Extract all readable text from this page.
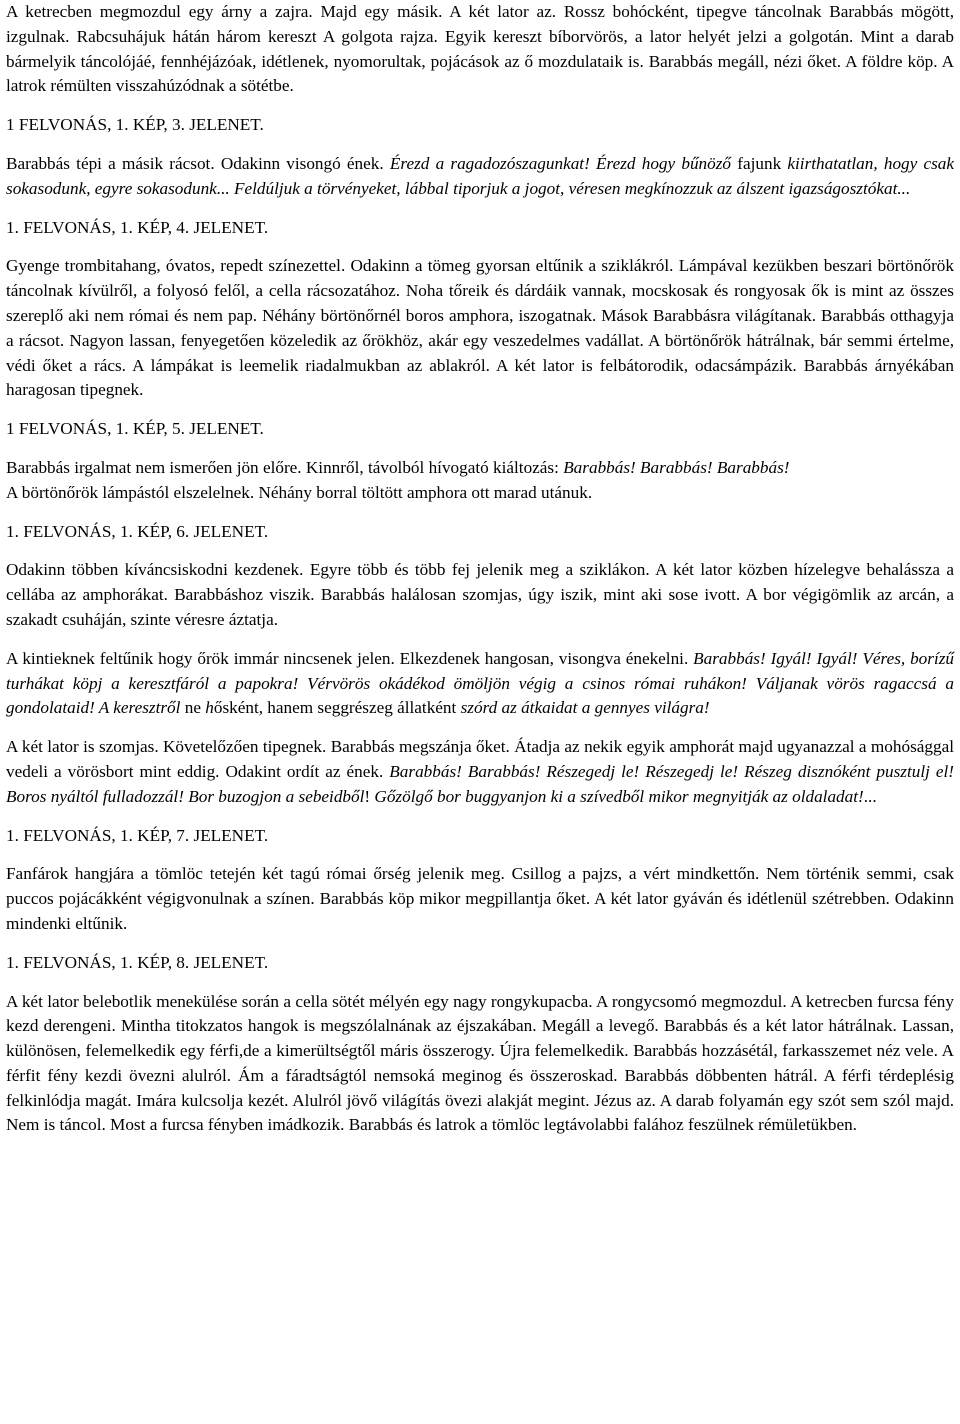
A ketrecben megmozdul egy árny a zajra. Majd egy másik. A két lator az. Rossz bohócként, tipegve táncolnak Barabbás mögött, izgulnak. Rabcsuhájuk hátán három kereszt A golgota rajza. Egyik kereszt bíborvörös, a lator helyét jelzi a golgotán. Mint a darab bármelyik táncolójáé, fennhéjázóak, idétlenek, nyomorultak, pojácások az ő mozdulataik is. Barabbás megáll, nézi őket. A földre köp. A latrok rémülten visszahúzódnak a sötétbe.

1 FELVONÁS, 1. KÉP, 3. JELENET.

Barabbás tépi a másik rácsot. Odakinn visongó ének. Érezd a ragadozószagunkat! Érezd hogy bűnöző fajunk kiirthatatlan, hogy csak sokasodunk, egyre sokasodunk... Feldúljuk a törvényeket, lábbal tiporjuk a jogot, véresen megkínozzuk az álszent igazságosztókat...

1. FELVONÁS, 1. KÉP, 4. JELENET.

Gyenge trombitahang, óvatos, repedt színezettel. Odakinn a tömeg gyorsan eltűnik a sziklákról. Lámpával kezükben beszari börtönőrök táncolnak kívülről, a folyosó felől, a cella rácsozatához. Noha tőreik és dárdáik vannak, mocskosak és rongyosak ők is mint az összes szereplő aki nem római és nem pap. Néhány börtönőrnél boros amphora, iszogatnak. Mások Barabbásra világítanak. Barabbás otthagyja a rácsot. Nagyon lassan, fenyegetően közeledik az őrökhöz, akár egy veszedelmes vadállat. A börtönőrök hátrálnak, bár semmi értelme, védi őket a rács. A lámpákat is leemelik riadalmukban az ablakról. A két lator is felbátorodik, odacsámpázik. Barabbás árnyékában haragosan tipegnek.

1 FELVONÁS, 1. KÉP, 5. JELENET.

Barabbás irgalmat nem ismerően jön előre. Kinnről, távolból hívogató kiáltozás: Barabbás! Barabbás! Barabbás!

A börtönőrök lámpástól elszelelnek. Néhány borral töltött amphora ott marad utánuk.

1. FELVONÁS, 1. KÉP, 6. JELENET.

Odakinn többen kíváncsiskodni kezdenek. Egyre több és több fej jelenik meg a sziklákon. A két lator közben hízelegve behalássza a cellába az amphorákat. Barabbáshoz viszik. Barabbás halálosan szomjas, úgy iszik, mint aki sose ivott. A bor végigömlik az arcán, a szakadt csuháján, szinte véresre áztatja.

A kintieknek feltűnik hogy őrök immár nincsenek jelen. Elkezdenek hangosan, visongva énekelni. Barabbás! Igyál! Igyál! Véres, borízű turhákat köpj a keresztfáról a papokra! Vérvörös okádékod ömöljön végig a csinos római ruhákon! Váljanak vörös ragaccsá a gondolataid! A keresztről ne hősként, hanem seggrészeg állatként szórd az átkaidat a gennyes világra!

A két lator is szomjas. Követelőzően tipegnek. Barabbás megszánja őket. Átadja az nekik egyik amphorát majd ugyanazzal a mohósággal vedeli a vörösbort mint eddig. Odakint ordít az ének. Barabbás! Barabbás! Részegedj le! Részegedj le! Részeg disznóként pusztulj el! Boros nyáltól fulladozzál! Bor buzogjon a sebeidből! Gőzölgő bor buggyanjon ki a szívedből mikor megnyitják az oldaladat!...

1. FELVONÁS, 1. KÉP, 7. JELENET.

Fanfárok hangjára a tömlöc tetején két tagú római őrség jelenik meg. Csillog a pajzs, a vért mindkettőn. Nem történik semmi, csak puccos pojácákként végigvonulnak a színen. Barabbás köp mikor megpillantja őket. A két lator gyáván és idétlenül szétrebben. Odakinn mindenki eltűnik.

1. FELVONÁS, 1. KÉP, 8. JELENET.

A két lator belebotlik menekülése során a cella sötét mélyén egy nagy rongykupacba. A rongycsomó megmozdul. A ketrecben furcsa fény kezd derengeni. Mintha titokzatos hangok is megszólalnának az éjszakában. Megáll a levegő. Barabbás és a két lator hátrálnak. Lassan, különösen, felemelkedik egy férfi,de a kimerültségtől máris összerogy. Újra felemelkedik. Barabbás hozzásétál, farkasszemet néz vele. A férfit fény kezdi övezni alulról. Ám a fáradtságtól nemsoká meginog és összeroskad. Barabbás döbbenten hátrál. A férfi térdeplésig felkinlódja magát. Imára kulcsolja kezét. Alulról jövő világítás övezi alakját megint. Jézus az. A darab folyamán egy szót sem szól majd. Nem is táncol. Most a furcsa fényben imádkozik. Barabbás és latrok a tömlöc legtávolabbi falához feszülnek rémületükben.
